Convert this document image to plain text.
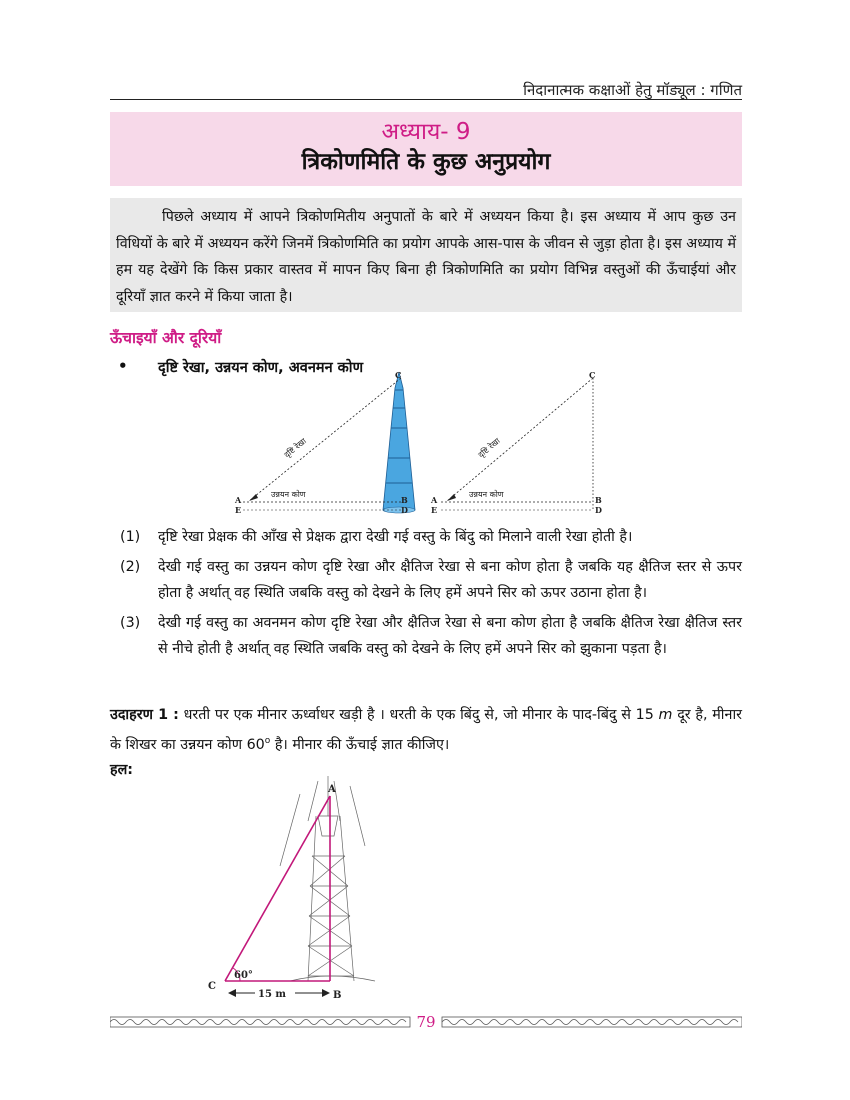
निदानात्मक कक्षाओं हेतु मॉड्यूल : गणित
अध्याय- 9
त्रिकोणमिति के कुछ अनुप्रयोग

पिछले अध्याय में आपने त्रिकोणमितीय अनुपातों के बारे में अध्ययन किया है। इस अध्याय में आप कुछ उन विधियों के बारे में अध्ययन करेंगे जिनमें त्रिकोणमिति का प्रयोग आपके आस-पास के जीवन से जुड़ा होता है। इस अध्याय में हम यह देखेंगे कि किस प्रकार वास्तव में मापन किए बिना ही त्रिकोणमिति का प्रयोग विभिन्न वस्तुओं की ऊँचाईयां और दूरियाँ ज्ञात करने में किया जाता है।

ऊँचाइयाँ और दूरियाँ
• दृष्टि रेखा, उन्नयन कोण, अवनमन कोण
दृष्टि रेखा
उन्नयन कोण
C
A
E
B
D
दृष्टि रेखा
उन्नयन कोण
C
A
E
B
D
(1) दृष्टि रेखा प्रेक्षक की आँख से प्रेक्षक द्वारा देखी गई वस्तु के बिंदु को मिलाने वाली रेखा होती है।
(2) देखी गई वस्तु का उन्नयन कोण दृष्टि रेखा और क्षैतिज रेखा से बना कोण होता है जबकि यह क्षैतिज स्तर से ऊपर होता है अर्थात् वह स्थिति जबकि वस्तु को देखने के लिए हमें अपने सिर को ऊपर उठाना होता है।
(3) देखी गई वस्तु का अवनमन कोण दृष्टि रेखा और क्षैतिज रेखा से बना कोण होता है जबकि क्षैतिज रेखा क्षैतिज स्तर से नीचे होती है अर्थात् वह स्थिति जबकि वस्तु को देखने के लिए हमें अपने सिर को झुकाना पड़ता है।
उदाहरण 1 : धरती पर एक मीनार ऊर्ध्वाधर खड़ी है । धरती के एक बिंदु से, जो मीनार के पाद-बिंदु से 15 m दूर है, मीनार के शिखर का उन्नयन कोण 60$^o$ है। मीनार की ऊँचाई ज्ञात कीजिए।
हल:
A
C
B
60°
15 m
79
